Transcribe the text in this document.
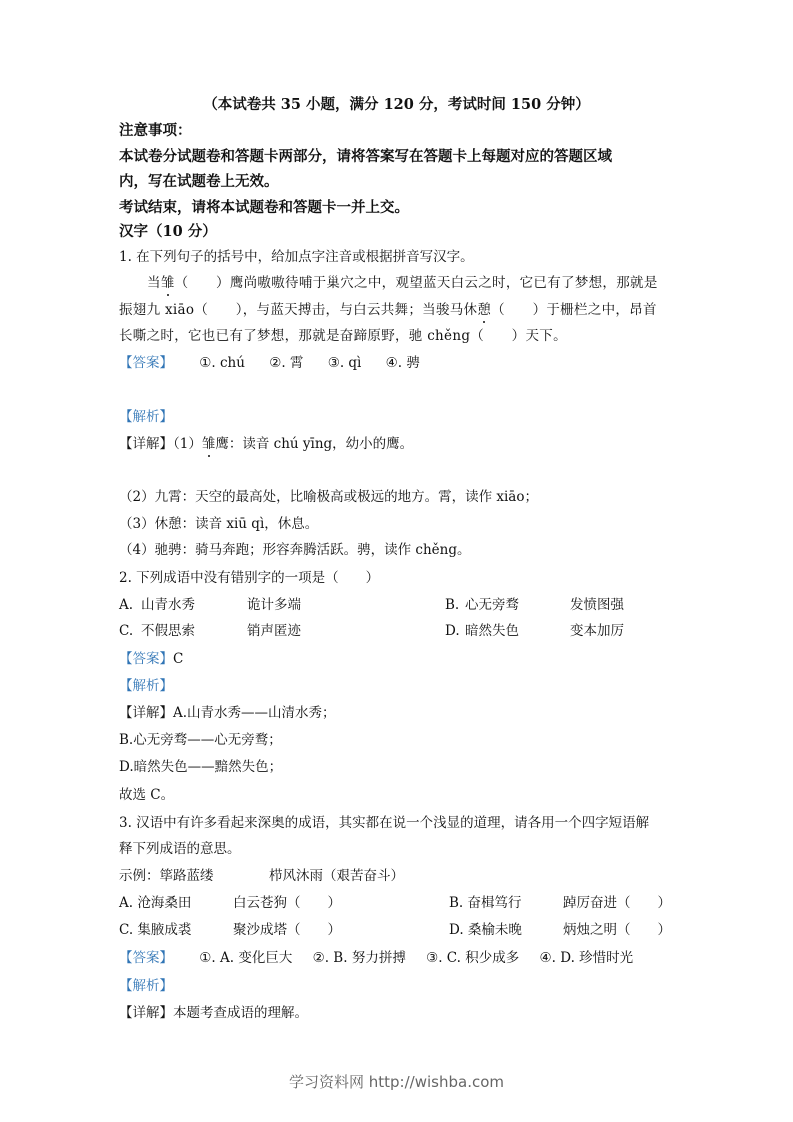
（本试卷共 35 小题，满分 120 分，考试时间 150 分钟）
注意事项：
本试卷分试题卷和答题卡两部分，请将答案写在答题卡上每题对应的答题区域
内，写在试题卷上无效。
考试结束，请将本试题卷和答题卡一并上交。
汉字（10 分）
1. 在下列句子的括号中，给加点字注音或根据拼音写汉字。
当雏（　　）鹰尚嗷嗷待哺于巢穴之中，观望蓝天白云之时，它已有了梦想，那就是
振翅九 xiāo（　　），与蓝天搏击，与白云共舞；当骏马休憩（　　）于栅栏之中，昂首
长嘶之时，它也已有了梦想，那就是奋蹄原野，驰 chěng（　　）天下。
【答案】 ①. chú ②. 霄 ③. qì ④. 骋
【解析】
【详解】（1）雏鹰：读音 chú yīng，幼小的鹰。
（2）九霄：天空的最高处，比喻极高或极远的地方。霄，读作 xiāo；
（3）休憩：读音 xiū qì，休息。
（4）驰骋：骑马奔跑；形容奔腾活跃。骋，读作 chěng。
2. 下列成语中没有错别字的一项是（　　）
A. 山青水秀	诡计多端	B. 心无旁骛	发愤图强
C. 不假思索	销声匿迹	D. 暗然失色	变本加厉
【答案】C
【解析】
【详解】A.山青水秀——山清水秀；
B.心无旁骛——心无旁鹜；
D.暗然失色——黯然失色；
故选 C。
3. 汉语中有许多看起来深奥的成语，其实都在说一个浅显的道理，请各用一个四字短语解
释下列成语的意思。
示例：筚路蓝缕	栉风沐雨（艰苦奋斗）
A. 沧海桑田	白云苍狗（　　）	B. 奋楫笃行	踔厉奋进（　　）
C. 集腋成裘	聚沙成塔（　　）	D. 桑榆未晚	炳烛之明（　　）
【答案】 ①. A. 变化巨大 ②. B. 努力拼搏 ③. C. 积少成多 ④. D. 珍惜时光
【解析】
【详解】本题考查成语的理解。
学习资料网 http://wishba.com
